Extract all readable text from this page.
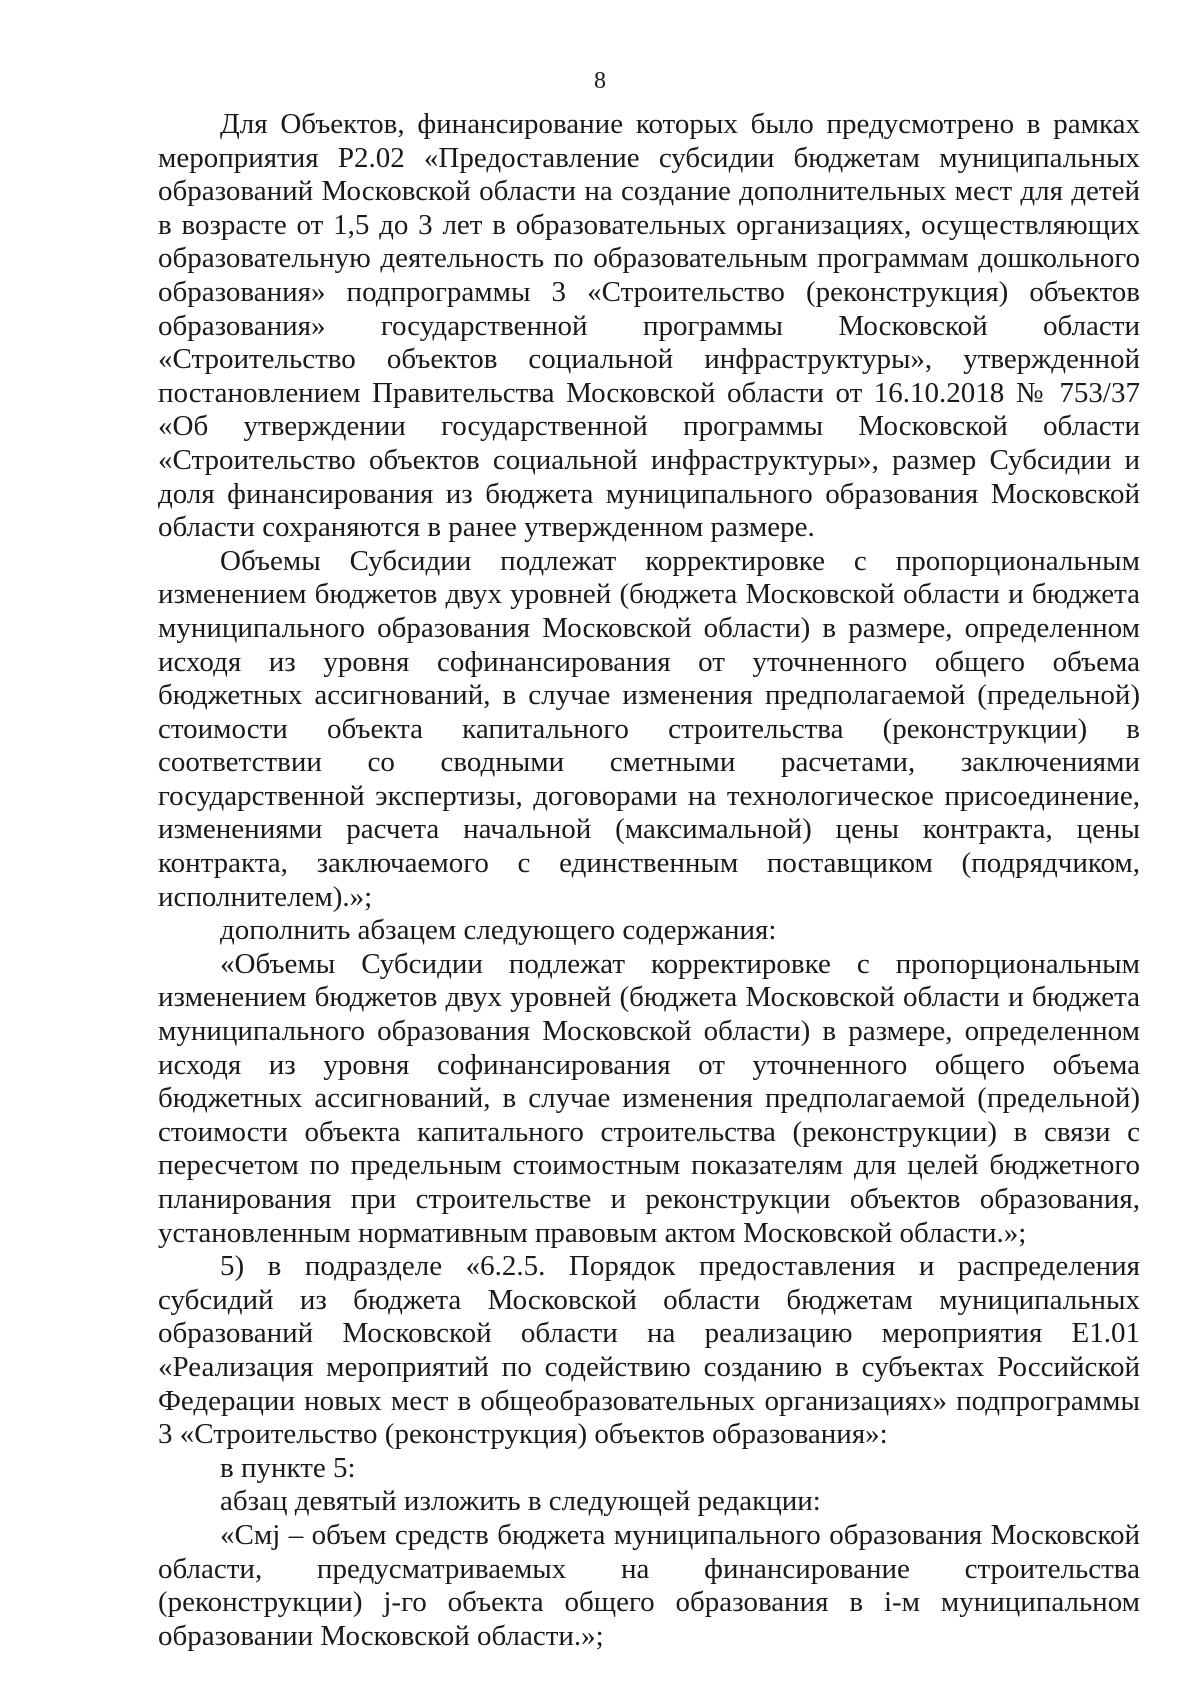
8

Для Объектов, финансирование которых было предусмотрено в рамках мероприятия Р2.02 «Предоставление субсидии бюджетам муниципальных образований Московской области на создание дополнительных мест для детей в возрасте от 1,5 до 3 лет в образовательных организациях, осуществляющих образовательную деятельность по образовательным программам дошкольного образования» подпрограммы 3 «Строительство (реконструкция) объектов образования» государственной программы Московской области «Строительство объектов социальной инфраструктуры», утвержденной постановлением Правительства Московской области от 16.10.2018 № 753/37 «Об утверждении государственной программы Московской области «Строительство объектов социальной инфраструктуры», размер Субсидии и доля финансирования из бюджета муниципального образования Московской области сохраняются в ранее утвержденном размере.

Объемы Субсидии подлежат корректировке с пропорциональным изменением бюджетов двух уровней (бюджета Московской области и бюджета муниципального образования Московской области) в размере, определенном исходя из уровня софинансирования от уточненного общего объема бюджетных ассигнований, в случае изменения предполагаемой (предельной) стоимости объекта капитального строительства (реконструкции) в соответствии со сводными сметными расчетами, заключениями государственной экспертизы, договорами на технологическое присоединение, изменениями расчета начальной (максимальной) цены контракта, цены контракта, заключаемого с единственным поставщиком (подрядчиком, исполнителем).»;

дополнить абзацем следующего содержания:

«Объемы Субсидии подлежат корректировке с пропорциональным изменением бюджетов двух уровней (бюджета Московской области и бюджета муниципального образования Московской области) в размере, определенном исходя из уровня софинансирования от уточненного общего объема бюджетных ассигнований, в случае изменения предполагаемой (предельной) стоимости объекта капитального строительства (реконструкции) в связи с пересчетом по предельным стоимостным показателям для целей бюджетного планирования при строительстве и реконструкции объектов образования, установленным нормативным правовым актом Московской области.»;

5) в подразделе «6.2.5. Порядок предоставления и распределения субсидий из бюджета Московской области бюджетам муниципальных образований Московской области на реализацию мероприятия Е1.01 «Реализация мероприятий по содействию созданию в субъектах Российской Федерации новых мест в общеобразовательных организациях» подпрограммы 3 «Строительство (реконструкция) объектов образования»:

в пункте 5:

абзац девятый изложить в следующей редакции:

«Смj – объем средств бюджета муниципального образования Московской области, предусматриваемых на финансирование строительства (реконструкции) j-го объекта общего образования в i-м муниципальном образовании Московской области.»;
